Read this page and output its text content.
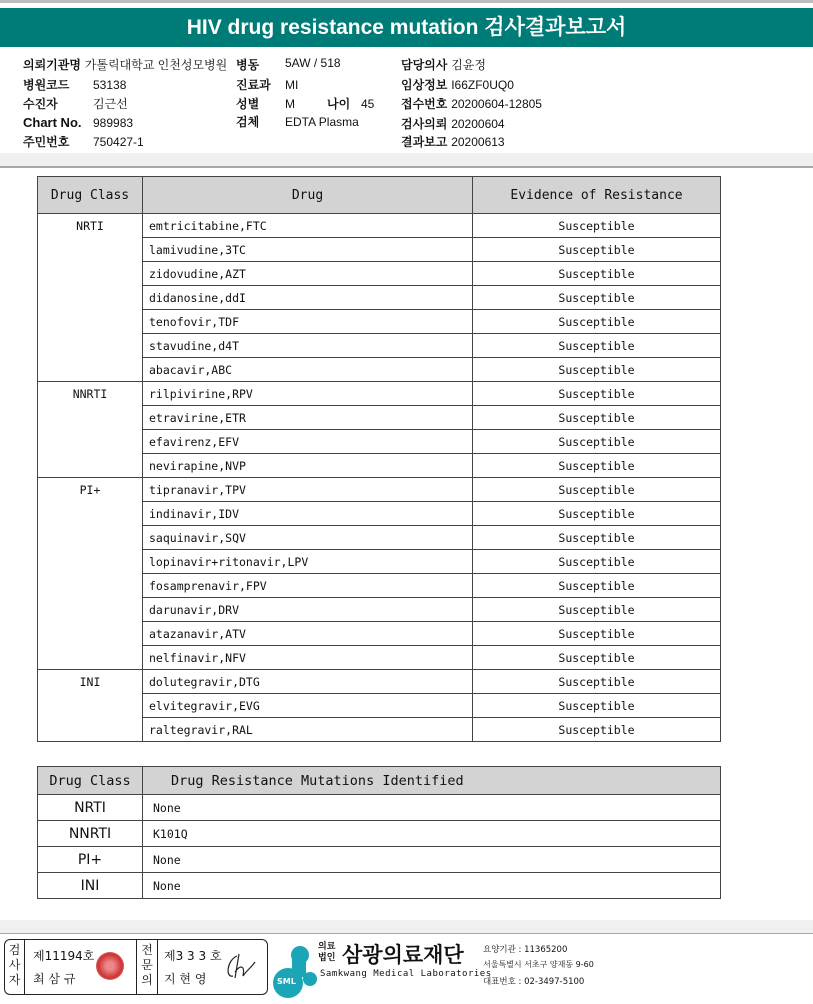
HIV drug resistance mutation 검사결과보고서
의뢰기관명 가톨릭대학교 인천성모병원 병동 5AW / 518	담당의사 김윤정
병원코드 53138	진료과 MI	임상정보 I66ZF0UQ0
수진자	김근선	성별 M	나이 45 접수번호 20200604-12805
Chart No. 989983	검체 EDTA Plasma	검사의뢰 20200604
주민번호 750427-1	결과보고 20200613
Drug Class	Drug	Evidence of Resistance
NRTI	emtricitabine,FTC	Susceptible
	lamivudine,3TC	Susceptible
	zidovudine,AZT	Susceptible
	didanosine,ddI	Susceptible
	tenofovir,TDF	Susceptible
	stavudine,d4T	Susceptible
	abacavir,ABC	Susceptible
NNRTI	rilpivirine,RPV	Susceptible
	etravirine,ETR	Susceptible
	efavirenz,EFV	Susceptible
	nevirapine,NVP	Susceptible
PI+	tipranavir,TPV	Susceptible
	indinavir,IDV	Susceptible
	saquinavir,SQV	Susceptible
	lopinavir+ritonavir,LPV	Susceptible
	fosamprenavir,FPV	Susceptible
	darunavir,DRV	Susceptible
	atazanavir,ATV	Susceptible
	nelfinavir,NFV	Susceptible
INI	dolutegravir,DTG	Susceptible
	elvitegravir,EVG	Susceptible
	raltegravir,RAL	Susceptible
Drug Class	Drug Resistance Mutations Identified
NRTI	None
NNRTI	K101Q
PI+	None
INI	None
검사자
제11194호
최 삼 규
전문의
제3 3 3 호
지 현 영	SML
의료법인 삼광의료재단
Samkwang Medical Laboratories
요양기관 : 11365200
서울특별시 서초구 양재동 9-60
대표번호 : 02-3497-5100
